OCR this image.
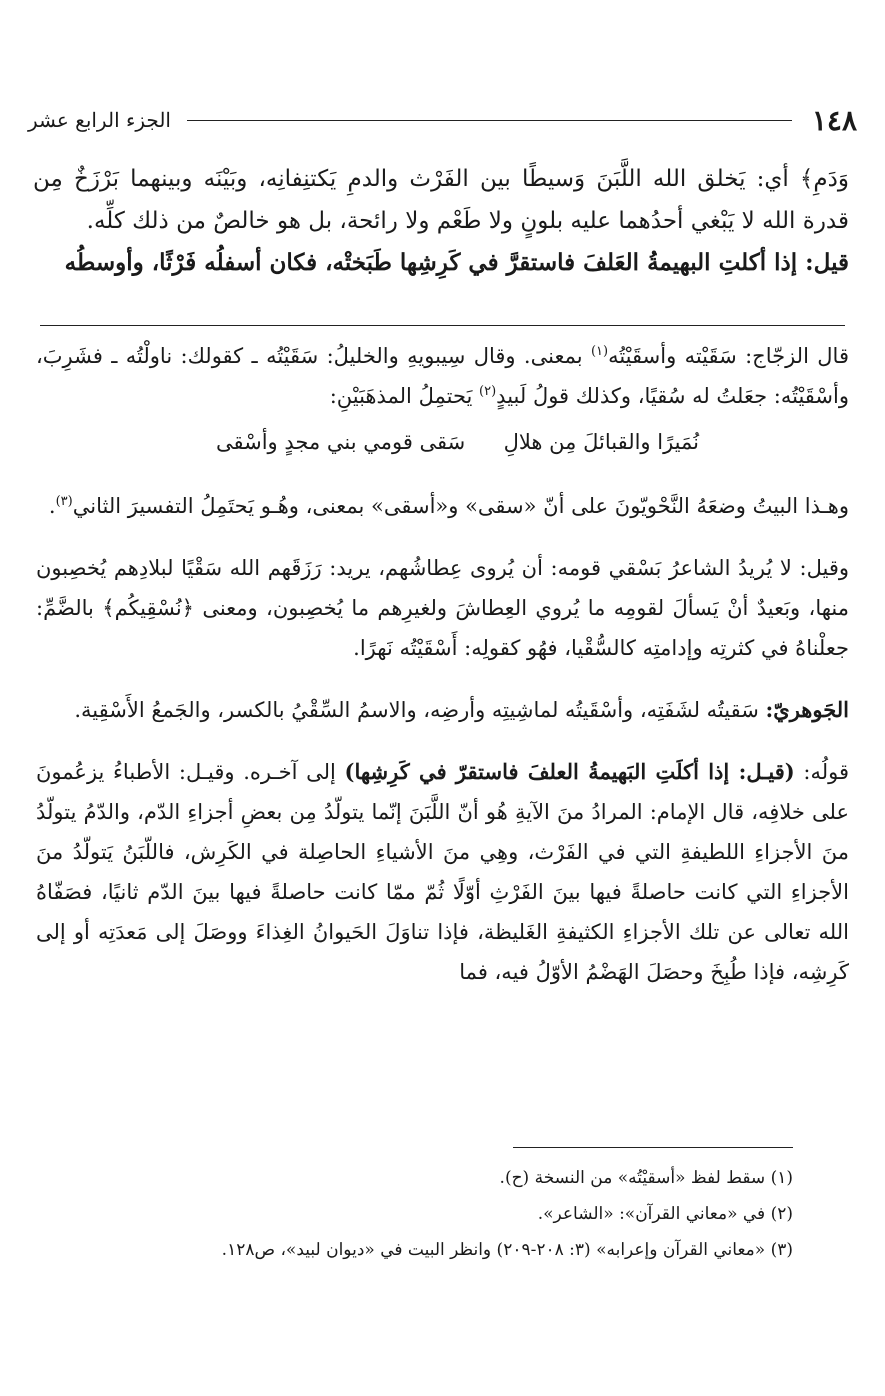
١٤٨
الجزء الرابع عشر

وَدَمِ﴾ أي: يَخلق الله اللَّبَنَ وَسيطًا بين الفَرْث والدمِ يَكتنِفانِه، وبَيْنَه وبينهما بَرْزَخٌ مِن قدرة الله لا يَبْغي أحدُهما عليه بلونٍ ولا طَعْم ولا رائحة، بل هو خالصٌ من ذلك كلِّه.

قيل: إذا أكلتِ البهيمةُ العَلفَ فاستقرَّ في كَرِشِها طَبَختْه، فكان أسفلُه فَرْثًا، وأوسطُه

قال الزجّاج: سَقَيْته وأسقَيْتُه$^{(١)}$ بمعنى. وقال سِيبويهِ والخليلُ: سَقَيْتُه ـ كقولك: ناولْتُه ـ فشَرِبَ، وأسْقَيْتُه: جعَلتُ له سُقيًا، وكذلك قولُ لَبيدٍ$^{(٢)}$ يَحتمِلُ المذهَبَيْنِ:

سَقى قومي بني مجدٍ وأسْقى نُمَيرًا والقبائلَ مِن هلالِ

وهـذا البيتُ وضعَهُ النَّحْويّونَ على أنّ «سقى» و«أسقى» بمعنى، وهُـو يَحتَمِلُ التفسيرَ الثاني$^{(٣)}$.

وقيل: لا يُريدُ الشاعرُ بَسْقي قومه: أن يُروى عِطاشُهم، يريد: رَزَقَهم الله سَقْيًا لبلادِهم يُخصِبون منها، وبَعيدٌ أنْ يَسألَ لقومِه ما يُروي العِطاشَ ولغيرِهم ما يُخصِبون، ومعنى ﴿نُسْقِيكُم﴾ بالضَّمِّ: جعلْناهُ في كثرتِه وإدامتِه كالسُّقْيا، فهُو كقولِه: أَسْقَيْتُه نَهرًا.

الجَوهريّ: سَقيتُه لشَفَتِه، وأسْقَيتُه لماشِيتِه وأرضِه، والاسمُ السِّقْيُ بالكسر، والجَمعُ الأَسْقِية.

قولُه: (قيـل: إذا أكلَتِ البَهيمةُ العلفَ فاستقرّ في كَرِشِها) إلى آخـره. وقيـل: الأطباءُ يزعُمونَ على خلافِه، قال الإمام: المرادُ منَ الآيةِ هُو أنّ اللَّبَنَ إنّما يتولّدُ مِن بعضِ أجزاءِ الدّم، والدّمُ يتولّدُ منَ الأجزاءِ اللطيفةِ التي في الفَرْث، وهِي منَ الأشياءِ الحاصِلة في الكَرِش، فاللّبَنُ يَتولّدُ منَ الأجزاءِ التي كانت حاصلةً فيها بينَ الفَرْثِ أوّلًا ثُمّ ممّا كانت حاصلةً فيها بينَ الدّم ثانيًا، فصَفّاهُ الله تعالى عن تلك الأجزاءِ الكثيفةِ الغَليظة، فإذا تناوَلَ الحَيوانُ الغِذاءَ ووصَلَ إلى مَعدَتِه أو إلى كَرِشِه، فإذا طُبِخَ وحصَلَ الهَضْمُ الأوّلُ فيه، فما

(١) سقط لفظ «أسقيْتُه» من النسخة (ح).
(٢) في «معاني القرآن»: «الشاعر».
(٣) «معاني القرآن وإعرابه» (٣: ٢٠٨-٢٠٩) وانظر البيت في «ديوان لبيد»، ص١٢٨.
